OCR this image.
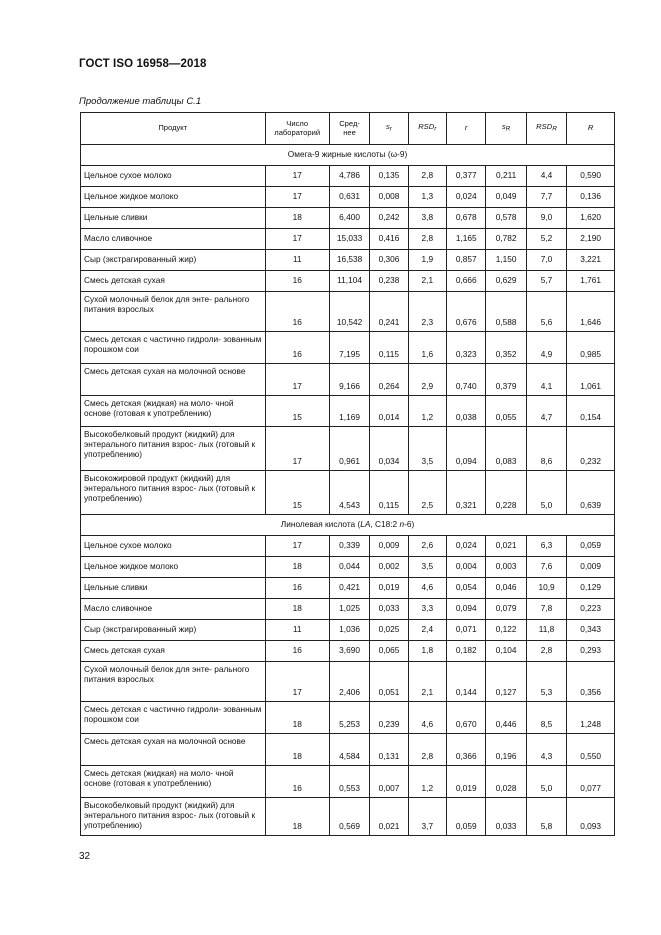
ГОСТ ISO 16958—2018
Продолжение таблицы С.1
Продукт	Число лабораторий	Сред- нее	sr	RSDr	r	sR	RSDR	R
Омега-9 жирные кислоты (ω-9)								
Цельное сухое молоко	17	4,786	0,135	2,8	0,377	0,211	4,4	0,590
Цельное жидкое молоко	17	0,631	0,008	1,3	0,024	0,049	7,7	0,136
Цельные сливки	18	6,400	0,242	3,8	0,678	0,578	9,0	1,620
Масло сливочное	17	15,033	0,416	2,8	1,165	0,782	5,2	2,190
Сыр (экстрагированный жир)	11	16,538	0,306	1,9	0,857	1,150	7,0	3,221
Смесь детская сухая	16	11,104	0,238	2,1	0,666	0,629	5,7	1,761
Сухой молочный белок для энте- рального питания взрослых	16	10,542	0,241	2,3	0,676	0,588	5,6	1,646
Смесь детская с частично гидроли- зованным порошком сои	16	7,195	0,115	1,6	0,323	0,352	4,9	0,985
Смесь детская сухая на молочной основе	17	9,166	0,264	2,9	0,740	0,379	4,1	1,061
Смесь детская (жидкая) на моло- чной основе (готовая к употреблению)	15	1,169	0,014	1,2	0,038	0,055	4,7	0,154
Высокобелковый продукт (жидкий) для энтерального питания взрос- лых (готовый к употреблению)	17	0,961	0,034	3,5	0,094	0,083	8,6	0,232
Высокожировой продукт (жидкий) для энтерального питания взрос- лых (готовый к употреблению)	15	4,543	0,115	2,5	0,321	0,228	5,0	0,639
Линолевая кислота (LA, C18:2 n-6)								
Цельное сухое молоко	17	0,339	0,009	2,6	0,024	0,021	6,3	0,059
Цельное жидкое молоко	18	0,044	0,002	3,5	0,004	0,003	7,6	0,009
Цельные сливки	16	0,421	0,019	4,6	0,054	0,046	10,9	0,129
Масло сливочное	18	1,025	0,033	3,3	0,094	0,079	7,8	0,223
Сыр (экстрагированный жир)	11	1,036	0,025	2,4	0,071	0,122	11,8	0,343
Смесь детская сухая	16	3,690	0,065	1,8	0,182	0,104	2,8	0,293
Сухой молочный белок для энте- рального питания взрослых	17	2,406	0,051	2,1	0,144	0,127	5,3	0,356
Смесь детская с частично гидроли- зованным порошком сои	18	5,253	0,239	4,6	0,670	0,446	8,5	1,248
Смесь детская сухая на молочной основе	18	4,584	0,131	2,8	0,366	0,196	4,3	0,550
Смесь детская (жидкая) на моло- чной основе (готовая к употреблению)	16	0,553	0,007	1,2	0,019	0,028	5,0	0,077
Высокобелковый продукт (жидкий) для энтерального питания взрос- лых (готовый к употреблению)	18	0,569	0,021	3,7	0,059	0,033	5,8	0,093
32
